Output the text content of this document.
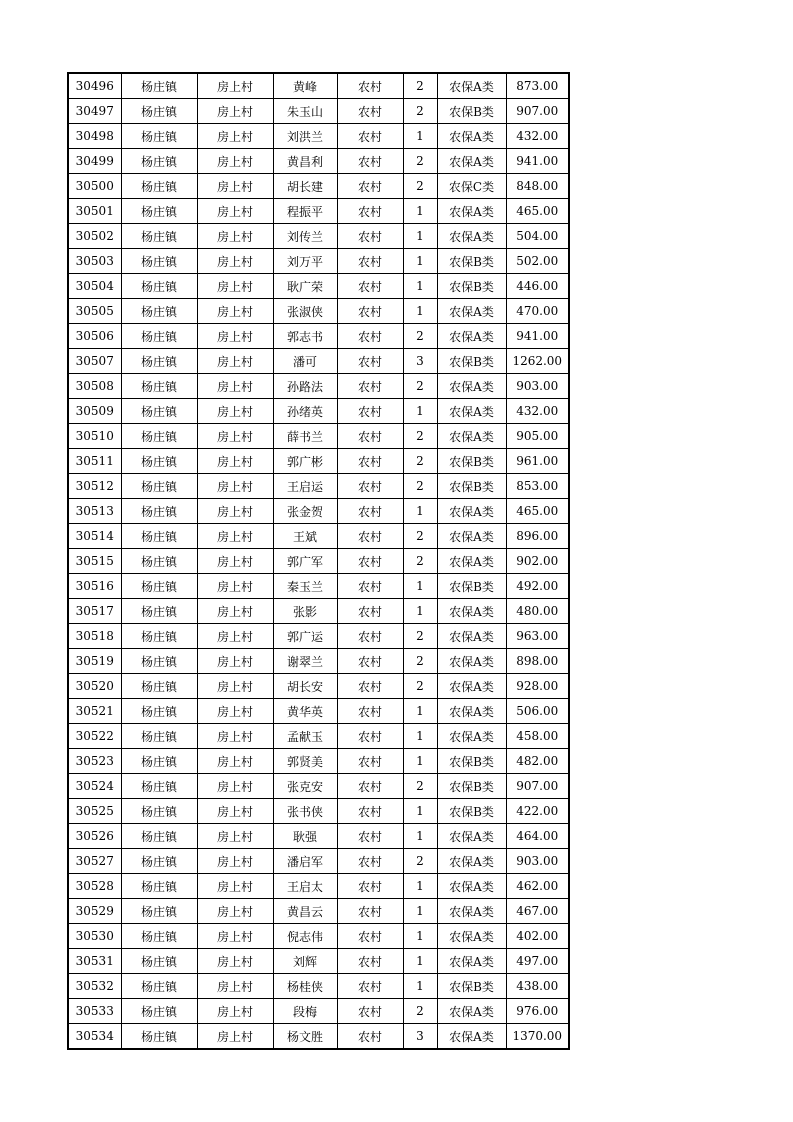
30496	杨庄镇	房上村	黄峰	农村	2	农保A类	873.00
30497	杨庄镇	房上村	朱玉山	农村	2	农保B类	907.00
30498	杨庄镇	房上村	刘洪兰	农村	1	农保A类	432.00
30499	杨庄镇	房上村	黄昌利	农村	2	农保A类	941.00
30500	杨庄镇	房上村	胡长建	农村	2	农保C类	848.00
30501	杨庄镇	房上村	程振平	农村	1	农保A类	465.00
30502	杨庄镇	房上村	刘传兰	农村	1	农保A类	504.00
30503	杨庄镇	房上村	刘万平	农村	1	农保B类	502.00
30504	杨庄镇	房上村	耿广荣	农村	1	农保B类	446.00
30505	杨庄镇	房上村	张淑侠	农村	1	农保A类	470.00
30506	杨庄镇	房上村	郭志书	农村	2	农保A类	941.00
30507	杨庄镇	房上村	潘可	农村	3	农保B类	1262.00
30508	杨庄镇	房上村	孙路法	农村	2	农保A类	903.00
30509	杨庄镇	房上村	孙绪英	农村	1	农保A类	432.00
30510	杨庄镇	房上村	薛书兰	农村	2	农保A类	905.00
30511	杨庄镇	房上村	郭广彬	农村	2	农保B类	961.00
30512	杨庄镇	房上村	王启运	农村	2	农保B类	853.00
30513	杨庄镇	房上村	张金贺	农村	1	农保A类	465.00
30514	杨庄镇	房上村	王斌	农村	2	农保A类	896.00
30515	杨庄镇	房上村	郭广军	农村	2	农保A类	902.00
30516	杨庄镇	房上村	秦玉兰	农村	1	农保B类	492.00
30517	杨庄镇	房上村	张影	农村	1	农保A类	480.00
30518	杨庄镇	房上村	郭广运	农村	2	农保A类	963.00
30519	杨庄镇	房上村	谢翠兰	农村	2	农保A类	898.00
30520	杨庄镇	房上村	胡长安	农村	2	农保A类	928.00
30521	杨庄镇	房上村	黄华英	农村	1	农保A类	506.00
30522	杨庄镇	房上村	孟献玉	农村	1	农保A类	458.00
30523	杨庄镇	房上村	郭贤美	农村	1	农保B类	482.00
30524	杨庄镇	房上村	张克安	农村	2	农保B类	907.00
30525	杨庄镇	房上村	张书侠	农村	1	农保B类	422.00
30526	杨庄镇	房上村	耿强	农村	1	农保A类	464.00
30527	杨庄镇	房上村	潘启军	农村	2	农保A类	903.00
30528	杨庄镇	房上村	王启太	农村	1	农保A类	462.00
30529	杨庄镇	房上村	黄昌云	农村	1	农保A类	467.00
30530	杨庄镇	房上村	倪志伟	农村	1	农保A类	402.00
30531	杨庄镇	房上村	刘辉	农村	1	农保A类	497.00
30532	杨庄镇	房上村	杨桂侠	农村	1	农保B类	438.00
30533	杨庄镇	房上村	段梅	农村	2	农保A类	976.00
30534	杨庄镇	房上村	杨文胜	农村	3	农保A类	1370.00
